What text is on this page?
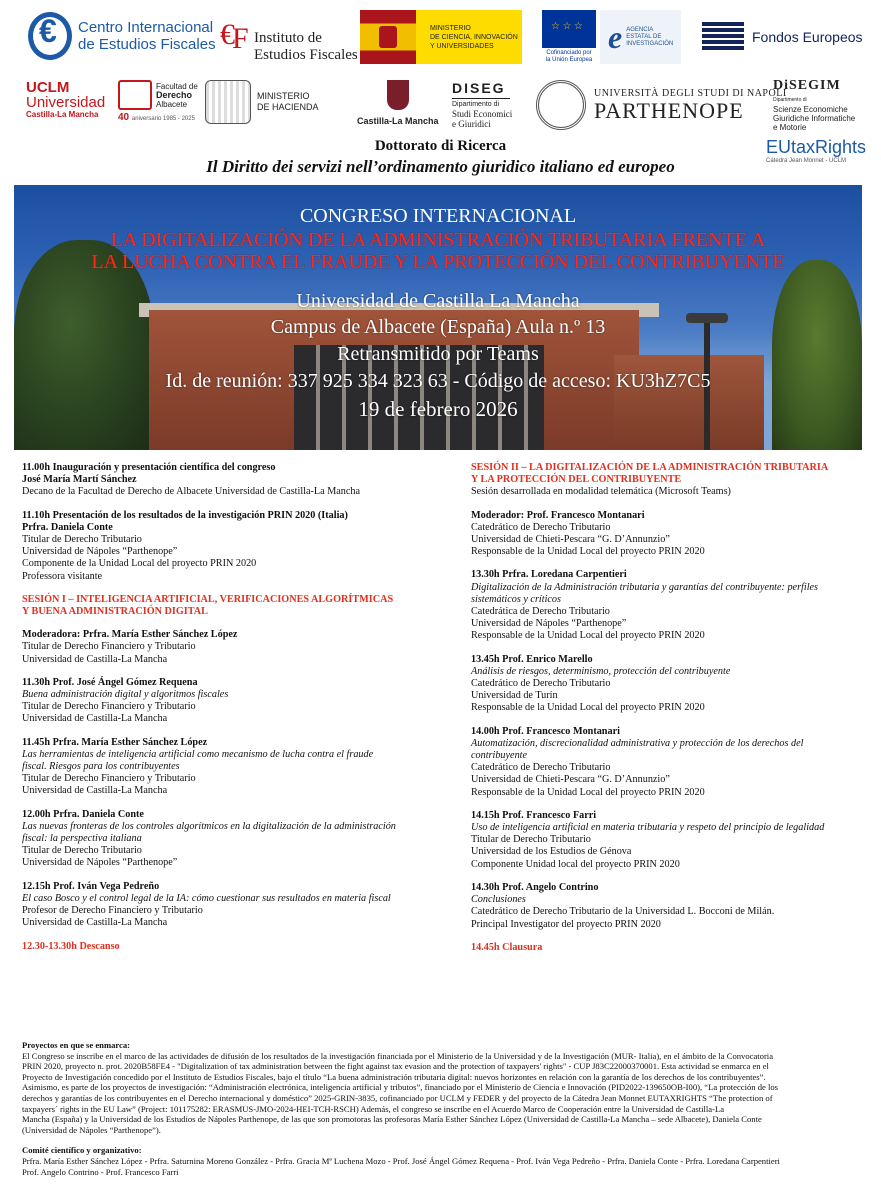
€
Centro Internacional
de Estudios Fiscales €
F Instituto de
Estudios Fiscales
MINISTERIO
DE CIENCIA, INNOVACIÓN
Y UNIVERSIDADES
☆ ☆ ☆
Cofinanciado por
la Unión Europea
e AGENCIA
ESTATAL DE
INVESTIGACIÓN	Fondos Europeos
UCLM
Universidad
Castilla-La Mancha
Facultad de
Derecho
Albacete
40 aniversario 1985 - 2025
MINISTERIO
DE HACIENDA
Castilla-La Mancha
DISEG
Dipartimento di
Studi Economici
e Giuridici
UNIVERSITÀ DEGLI STUDI DI NAPOLI
PARTHENOPE
DiSEGIM
Dipartimento di
Scienze Economiche
Giuridiche Informatiche
e Motorie
EUtaxRights
Cátedra Jean Monnet - UCLM
Dottorato di Ricerca
Il Diritto dei servizi nell’ordinamento giuridico italiano ed europeo
CONGRESO INTERNACIONAL
LA DIGITALIZACIÓN DE LA ADMINISTRACIÓN TRIBUTARIA FRENTE A
LA LUCHA CONTRA EL FRAUDE Y LA PROTECCIÓN DEL CONTRIBUYENTE
Universidad de Castilla La Mancha
Campus de Albacete (España) Aula n.º 13
Retransmitido por Teams
Id. de reunión: 337 925 334 323 63 - Código de acceso: KU3hZ7C5
19 de febrero 2026
11.00h Inauguración y presentación científica del congreso
José María Martí Sánchez
Decano de la Facultad de Derecho de Albacete Universidad de Castilla-La Mancha
11.10h Presentación de los resultados de la investigación PRIN 2020 (Italia)
Prfra. Daniela Conte
Titular de Derecho Tributario
Universidad de Nápoles “Parthenope”
Componente de la Unidad Local del proyecto PRIN 2020
Professora visitante
SESIÓN I – INTELIGENCIA ARTIFICIAL, VERIFICACIONES ALGORÍTMICAS
Y BUENA ADMINISTRACIÓN DIGITAL
Moderadora: Prfra. María Esther Sánchez López
Titular de Derecho Financiero y Tributario
Universidad de Castilla-La Mancha
11.30h Prof. José Ángel Gómez Requena
Buena administración digital y algoritmos fiscales
Titular de Derecho Financiero y Tributario
Universidad de Castilla-La Mancha
11.45h Prfra. María Esther Sánchez López
Las herramientas de inteligencia artificial como mecanismo de lucha contra el fraude
fiscal. Riesgos para los contribuyentes
Titular de Derecho Financiero y Tributario
Universidad de Castilla-La Mancha
12.00h Prfra. Daniela Conte
Las nuevas fronteras de los controles algorítmicos en la digitalización de la administración
fiscal: la perspectiva italiana
Titular de Derecho Tributario
Universidad de Nápoles “Parthenope”
12.15h Prof. Iván Vega Pedreño
El caso Bosco y el control legal de la IA: cómo cuestionar sus resultados en materia fiscal
Profesor de Derecho Financiero y Tributario
Universidad de Castilla-La Mancha
12.30-13.30h Descanso
SESIÓN II – LA DIGITALIZACIÓN DE LA ADMINISTRACIÓN TRIBUTARIA
Y LA PROTECCIÓN DEL CONTRIBUYENTE
Sesión desarrollada en modalidad telemática (Microsoft Teams)
Moderador: Prof. Francesco Montanari
Catedrático de Derecho Tributario
Universidad de Chieti-Pescara “G. D’Annunzio”
Responsable de la Unidad Local del proyecto PRIN 2020
13.30h Prfra. Loredana Carpentieri
Digitalización de la Administración tributaria y garantías del contribuyente: perfiles
sistemáticos y críticos
Catedrática de Derecho Tributario
Universidad de Nápoles “Parthenope”
Responsable de la Unidad Local del proyecto PRIN 2020
13.45h Prof. Enrico Marello
Análisis de riesgos, determinismo, protección del contribuyente
Catedrático de Derecho Tributario
Universidad de Turín
Responsable de la Unidad Local del proyecto PRIN 2020
14.00h Prof. Francesco Montanari
Automatización, discrecionalidad administrativa y protección de los derechos del
contribuyente
Catedrático de Derecho Tributario
Universidad de Chieti-Pescara “G. D’Annunzio”
Responsable de la Unidad Local del proyecto PRIN 2020
14.15h Prof. Francesco Farri
Uso de inteligencia artificial en materia tributaria y respeto del principio de legalidad
Titular de Derecho Tributario
Universidad de los Estudios de Génova
Componente Unidad local del proyecto PRIN 2020
14.30h Prof. Angelo Contrino
Conclusiones
Catedrático de Derecho Tributario de la Universidad L. Bocconi de Milán.
Principal Investigator del proyecto PRIN 2020
14.45h Clausura
Proyectos en que se enmarca:
El Congreso se inscribe en el marco de las actividades de difusión de los resultados de la investigación financiada por el Ministerio de la Universidad y de la Investigación (MUR- Italia), en el ámbito de la Convocatoria
PRIN 2020, proyecto n. prot. 2020B58FE4 - "Digitalization of tax administration between the fight against tax evasion and the protection of taxpayers' rights" - CUP J83C22000370001. Esta actividad se enmarca en el
Proyecto de Investigación concedido por el Instituto de Estudios Fiscales, bajo el título “La buena administración tributaria digital: nuevos horizontes en relación con la garantía de los derechos de los contribuyentes”.
Asimismo, es parte de los proyectos de investigación: “Administración electrónica, inteligencia artificial y tributos”, financiado por el Ministerio de Ciencia e Innovación (PID2022-139650OB-I00), “La protección de los
derechos y garantías de los contribuyentes en el Derecho internacional y doméstico” 2025-GRIN-3835, cofinanciado por UCLM y FEDER y del proyecto de la Cátedra Jean Monnet EUTAXRIGHTS “The protection of
taxpayers´ rights in the EU Law” (Project: 101175282: ERASMUS-JMO-2024-HEI-TCH-RSCH) Además, el congreso se inscribe en el Acuerdo Marco de Cooperación entre la Universidad de Castilla-La
Mancha (España) y la Universidad de los Estudios de Nápoles Parthenope, de las que son promotoras las profesoras María Esther Sánchez López (Universidad de Castilla-La Mancha – sede Albacete), Daniela Conte
(Universidad de Nápoles “Parthenope”).
Comité científico y organizativo:
Prfra. María Esther Sánchez López - Prfra. Saturnina Moreno González - Prfra. Gracia Mª Luchena Mozo - Prof. José Ángel Gómez Requena - Prof. Iván Vega Pedreño - Prfra. Daniela Conte - Prfra. Loredana Carpentieri
Prof. Angelo Contrino - Prof. Francesco Farri
